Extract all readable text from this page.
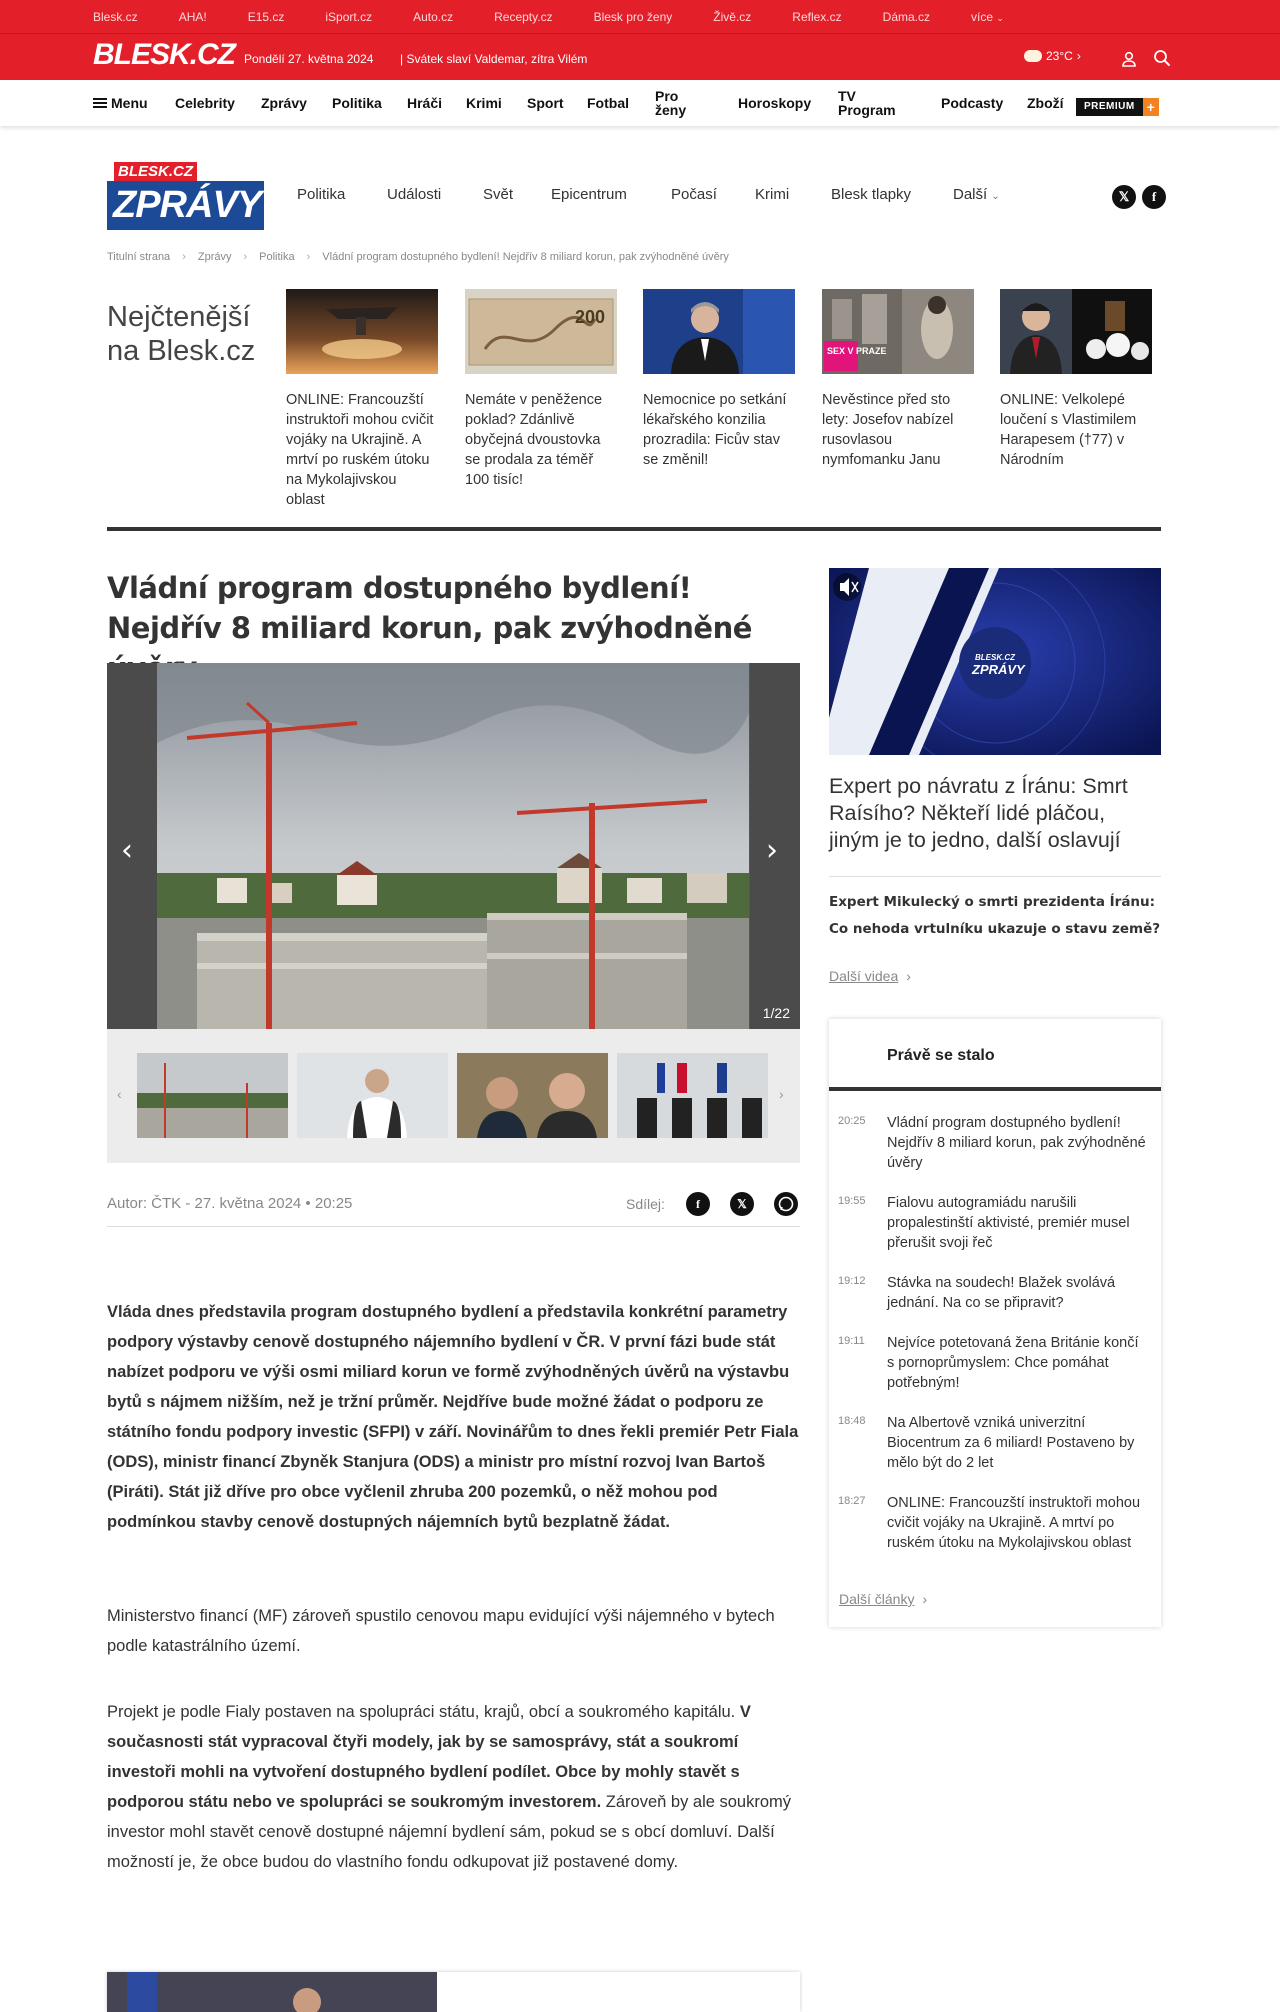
Blesk.cz	AHA!	E15.cz	iSport.cz	Auto.cz	Recepty.cz	Blesk pro ženy	Živě.cz	Reflex.cz	Dáma.cz	více ⌄
BLESK.CZ Pondělí 27. května 2024 | Svátek slaví Valdemar, zítra Vilém	23°C ›
Menu Celebrity Zprávy Politika Hráči Krimi Sport Fotbal Pro ženy	Horoskopy TV Program	Podcasty Zboží	PREMIUM +
BLESK.CZ
ZPRÁVY Politika	Události	Svět	Epicentrum	Počasí	Krimi	Blesk tlapky	Další ⌄	𝕏	f
Titulní strana › Zprávy › Politika › Vládní program dostupného bydlení! Nejdřív 8 miliard korun, pak zvýhodněné úvěry
Nejčtenější na Blesk.cz
ONLINE: Francouzští instruktoři mohou cvičit vojáky na Ukrajině. A mrtví po ruském útoku na Mykolajivskou oblast
200
Nemáte v peněžence poklad? Zdánlivě obyčejná dvoustovka se prodala za téměř 100 tisíc!
Nemocnice po setkání lékařského konzilia prozradila: Ficův stav se změnil!
SEX V PRAZE
Nevěstince před sto lety: Josefov nabízel rusovlasou nymfomanku Janu
ONLINE: Velkolepé loučení s Vlastimilem Harapesem (†77) v Národním
Vládní program dostupného bydlení! Nejdřív 8 miliard korun, pak zvýhodněné
‹	›
1/22
‹	›
Autor: ČTK - 27. května 2024 • 20:25	Sdílej:	f	𝕏

Vláda dnes představila program dostupného bydlení a představila konkrétní parametry podpory výstavby cenově dostupného nájemního bydlení v ČR. V první fázi bude stát nabízet podporu ve výši osmi miliard korun ve formě zvýhodněných úvěrů na výstavbu bytů s nájmem nižším, než je tržní průměr. Nejdříve bude možné žádat o podporu ze státního fondu podpory investic (SFPI) v září. Novinářům to dnes řekli premiér Petr Fiala (ODS), ministr financí Zbyněk Stanjura (ODS) a ministr pro místní rozvoj Ivan Bartoš (Piráti). Stát již dříve pro obce vyčlenil zhruba 200 pozemků, o něž mohou pod podmínkou stavby cenově dostupných nájemních bytů bezplatně žádat.

Ministerstvo financí (MF) zároveň spustilo cenovou mapu evidující výši nájemného v bytech podle katastrálního území.

Projekt je podle Fialy postaven na spolupráci státu, krajů, obcí a soukromého kapitálu. V současnosti stát vypracoval čtyři modely, jak by se samosprávy, stát a soukromí investoři mohli na vytvoření dostupného bydlení podílet. Obce by mohly stavět s podporou státu nebo ve spolupráci se soukromým investorem. Zároveň by ale soukromý investor mohl stavět cenově dostupné nájemní bydlení sám, pokud se s obcí domluví. Další možností je, že obce budou do vlastního fondu odkupovat již postavené domy.

BLESK.CZ
ZPRÁVY
Expert po návratu z Íránu: Smrt Raísího? Někteří lidé pláčou, jiným je to jedno, další oslavují
Expert Mikulecký o smrti prezidenta Íránu: Co nehoda vrtulníku ukazuje o stavu země?
Další videa ›
Právě se stalo
20:25 Vládní program dostupného bydlení! Nejdřív 8 miliard korun, pak zvýhodněné úvěry
19:55 Fialovu autogramiádu narušili propalestinští aktivisté, premiér musel přerušit svoji řeč
19:12 Stávka na soudech! Blažek svolává jednání. Na co se připravit?
19:11 Nejvíce potetovaná žena Británie končí s pornoprůmyslem: Chce pomáhat potřebným!
18:48 Na Albertově vzniká univerzitní Biocentrum za 6 miliard! Postaveno by mělo být do 2 let
18:27 ONLINE: Francouzští instruktoři mohou cvičit vojáky na Ukrajině. A mrtví po ruském útoku na Mykolajivskou oblast
Další články ›
